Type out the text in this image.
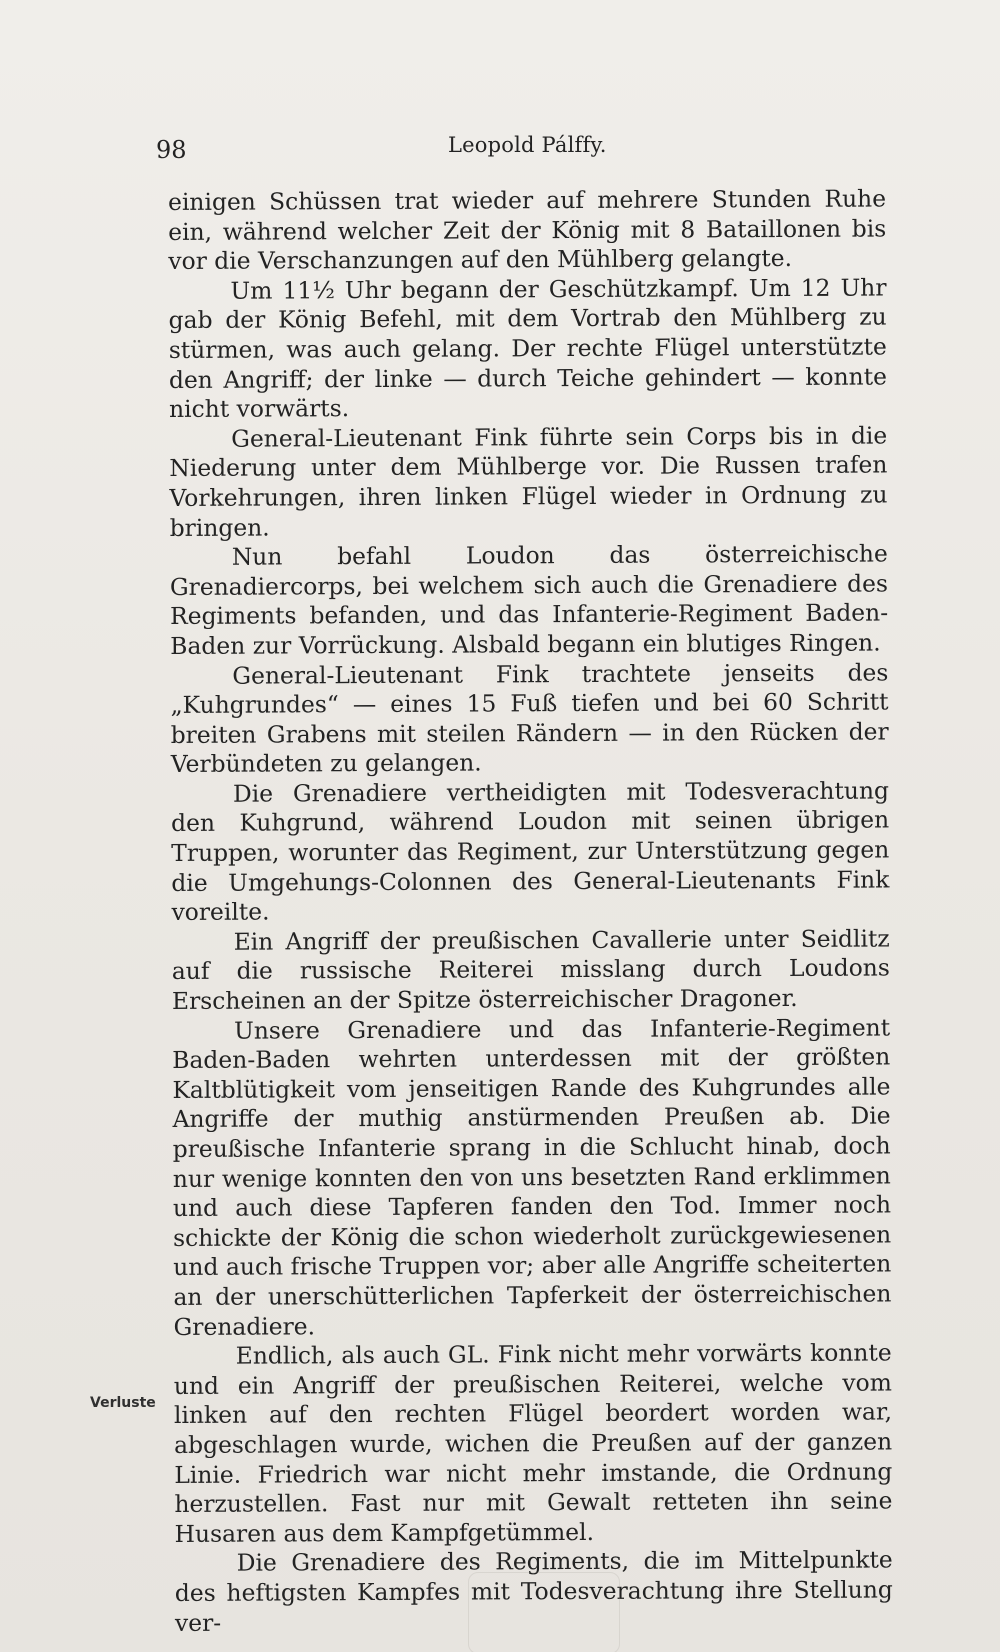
98	Leopold Pálffy.

einigen Schüssen trat wieder auf mehrere Stunden Ruhe ein, während welcher Zeit der König mit 8 Bataillonen bis vor die Verschanzungen auf den Mühlberg gelangte.

Um 11½ Uhr begann der Geschützkampf. Um 12 Uhr gab der König Befehl, mit dem Vortrab den Mühlberg zu stürmen, was auch gelang. Der rechte Flügel unterstützte den Angriff; der linke — durch Teiche gehindert — konnte nicht vorwärts.

General-Lieutenant Fink führte sein Corps bis in die Niederung unter dem Mühlberge vor. Die Russen trafen Vorkehrungen, ihren linken Flügel wieder in Ordnung zu bringen.

Nun befahl Loudon das österreichische Grenadiercorps, bei welchem sich auch die Grenadiere des Regiments befanden, und das Infanterie-Regiment Baden-Baden zur Vorrückung. Alsbald begann ein blutiges Ringen.

General-Lieutenant Fink trachtete jenseits des „Kuhgrundes“ — eines 15 Fuß tiefen und bei 60 Schritt breiten Grabens mit steilen Rändern — in den Rücken der Verbündeten zu gelangen.

Die Grenadiere vertheidigten mit Todesverachtung den Kuhgrund, während Loudon mit seinen übrigen Truppen, worunter das Regiment, zur Unterstützung gegen die Umgehungs-Colonnen des General-Lieutenants Fink voreilte.

Ein Angriff der preußischen Cavallerie unter Seidlitz auf die russische Reiterei misslang durch Loudons Erscheinen an der Spitze österreichischer Dragoner.

Unsere Grenadiere und das Infanterie-Regiment Baden-Baden wehrten unterdessen mit der größten Kaltblütigkeit vom jenseitigen Rande des Kuhgrundes alle Angriffe der muthig anstürmenden Preußen ab. Die preußische Infanterie sprang in die Schlucht hinab, doch nur wenige konnten den von uns besetzten Rand erklimmen und auch diese Tapferen fanden den Tod. Immer noch schickte der König die schon wiederholt zurückgewiesenen und auch frische Truppen vor; aber alle Angriffe scheiterten an der unerschütterlichen Tapferkeit der österreichischen Grenadiere.

Endlich, als auch GL. Fink nicht mehr vorwärts konnte und ein Angriff der preußischen Reiterei, welche vom linken auf den rechten Flügel beordert worden war, abgeschlagen wurde, wichen die Preußen auf der ganzen Linie. Friedrich war nicht mehr imstande, die Ordnung herzustellen. Fast nur mit Gewalt retteten ihn seine Husaren aus dem Kampfgetümmel.

Die Grenadiere des Regiments, die im Mittelpunkte des heftigsten Kampfes mit Todesverachtung ihre Stellung ver-

Verluste
